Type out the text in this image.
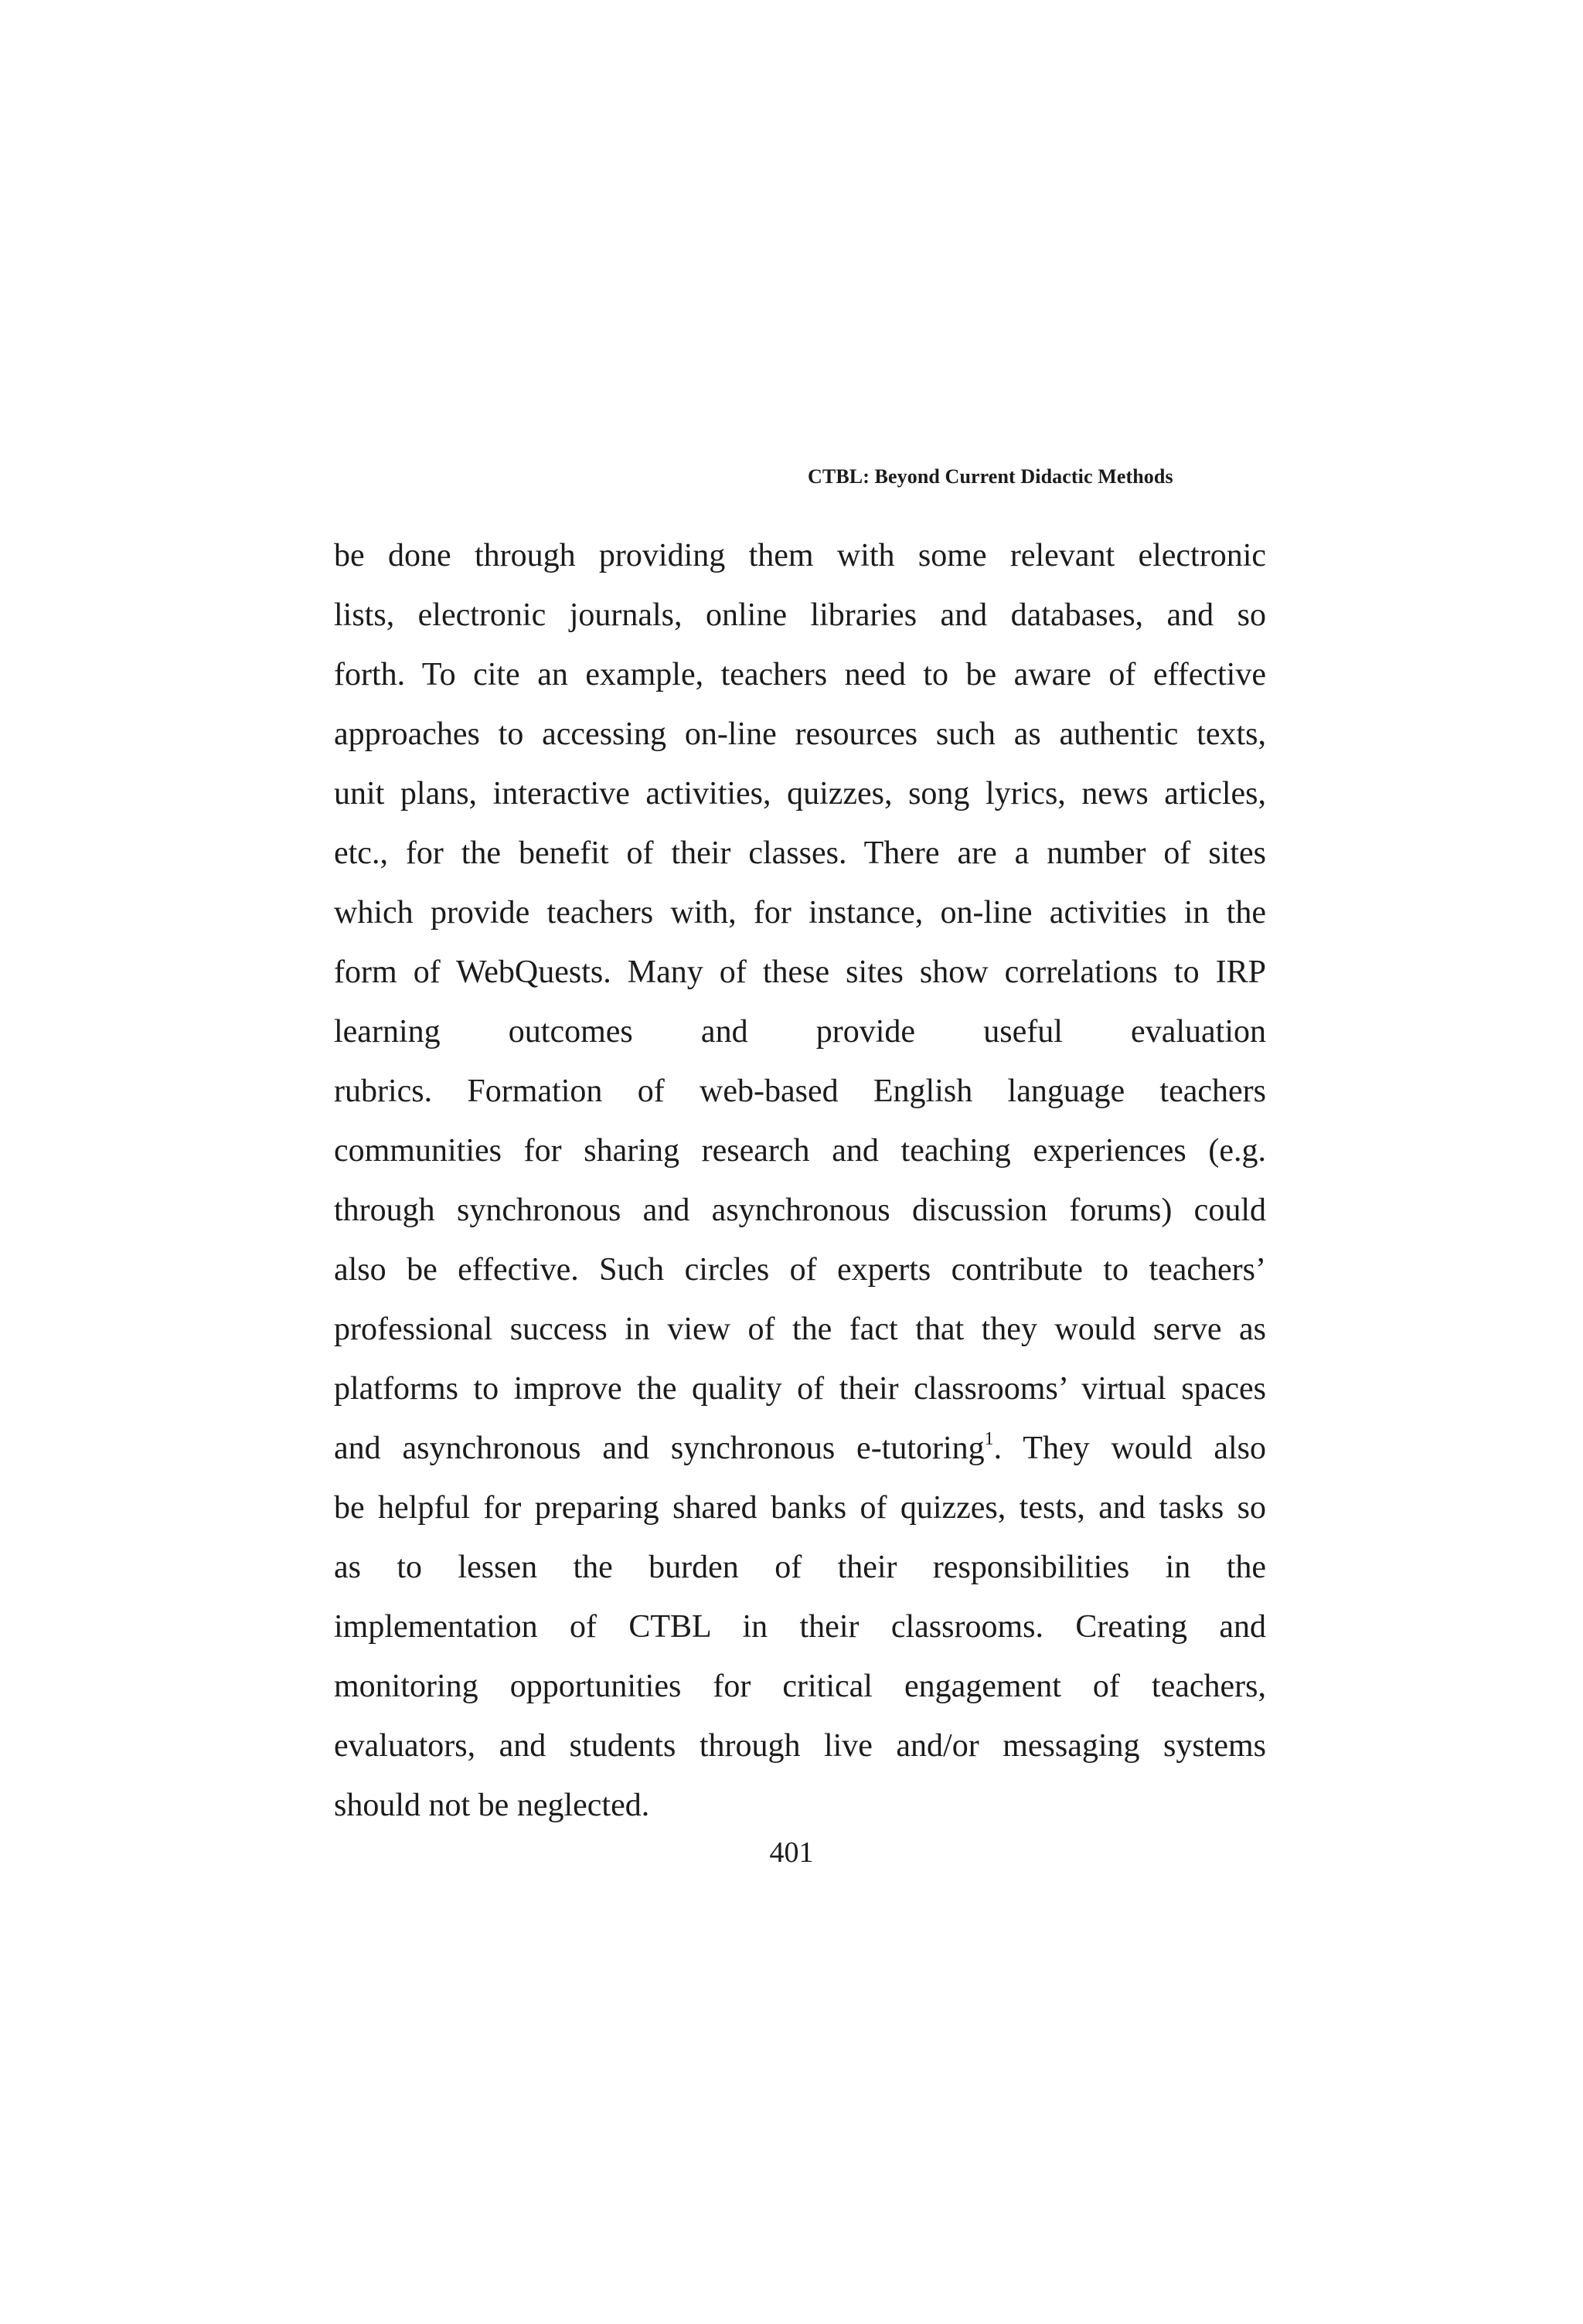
CTBL: Beyond Current Didactic Methods
be done through providing them with some relevant electronic
lists, electronic journals, online libraries and databases, and so
forth. To cite an example, teachers need to be aware of effective
approaches to accessing on-line resources such as authentic texts,
unit plans, interactive activities, quizzes, song lyrics, news articles,
etc., for the benefit of their classes. There are a number of sites
which provide teachers with, for instance, on-line activities in the
form of WebQuests. Many of these sites show correlations to IRP
learning outcomes and provide useful evaluation
rubrics. Formation of web-based English language teachers
communities for sharing research and teaching experiences (e.g.
through synchronous and asynchronous discussion forums) could
also be effective. Such circles of experts contribute to teachers’
professional success in view of the fact that they would serve as
platforms to improve the quality of their classrooms’ virtual spaces
and asynchronous and synchronous e-tutoring$^1$. They would also
be helpful for preparing shared banks of quizzes, tests, and tasks so
as to lessen the burden of their responsibilities in the
implementation of CTBL in their classrooms. Creating and
monitoring opportunities for critical engagement of teachers,
evaluators, and students through live and/or messaging systems
should not be neglected.
401
